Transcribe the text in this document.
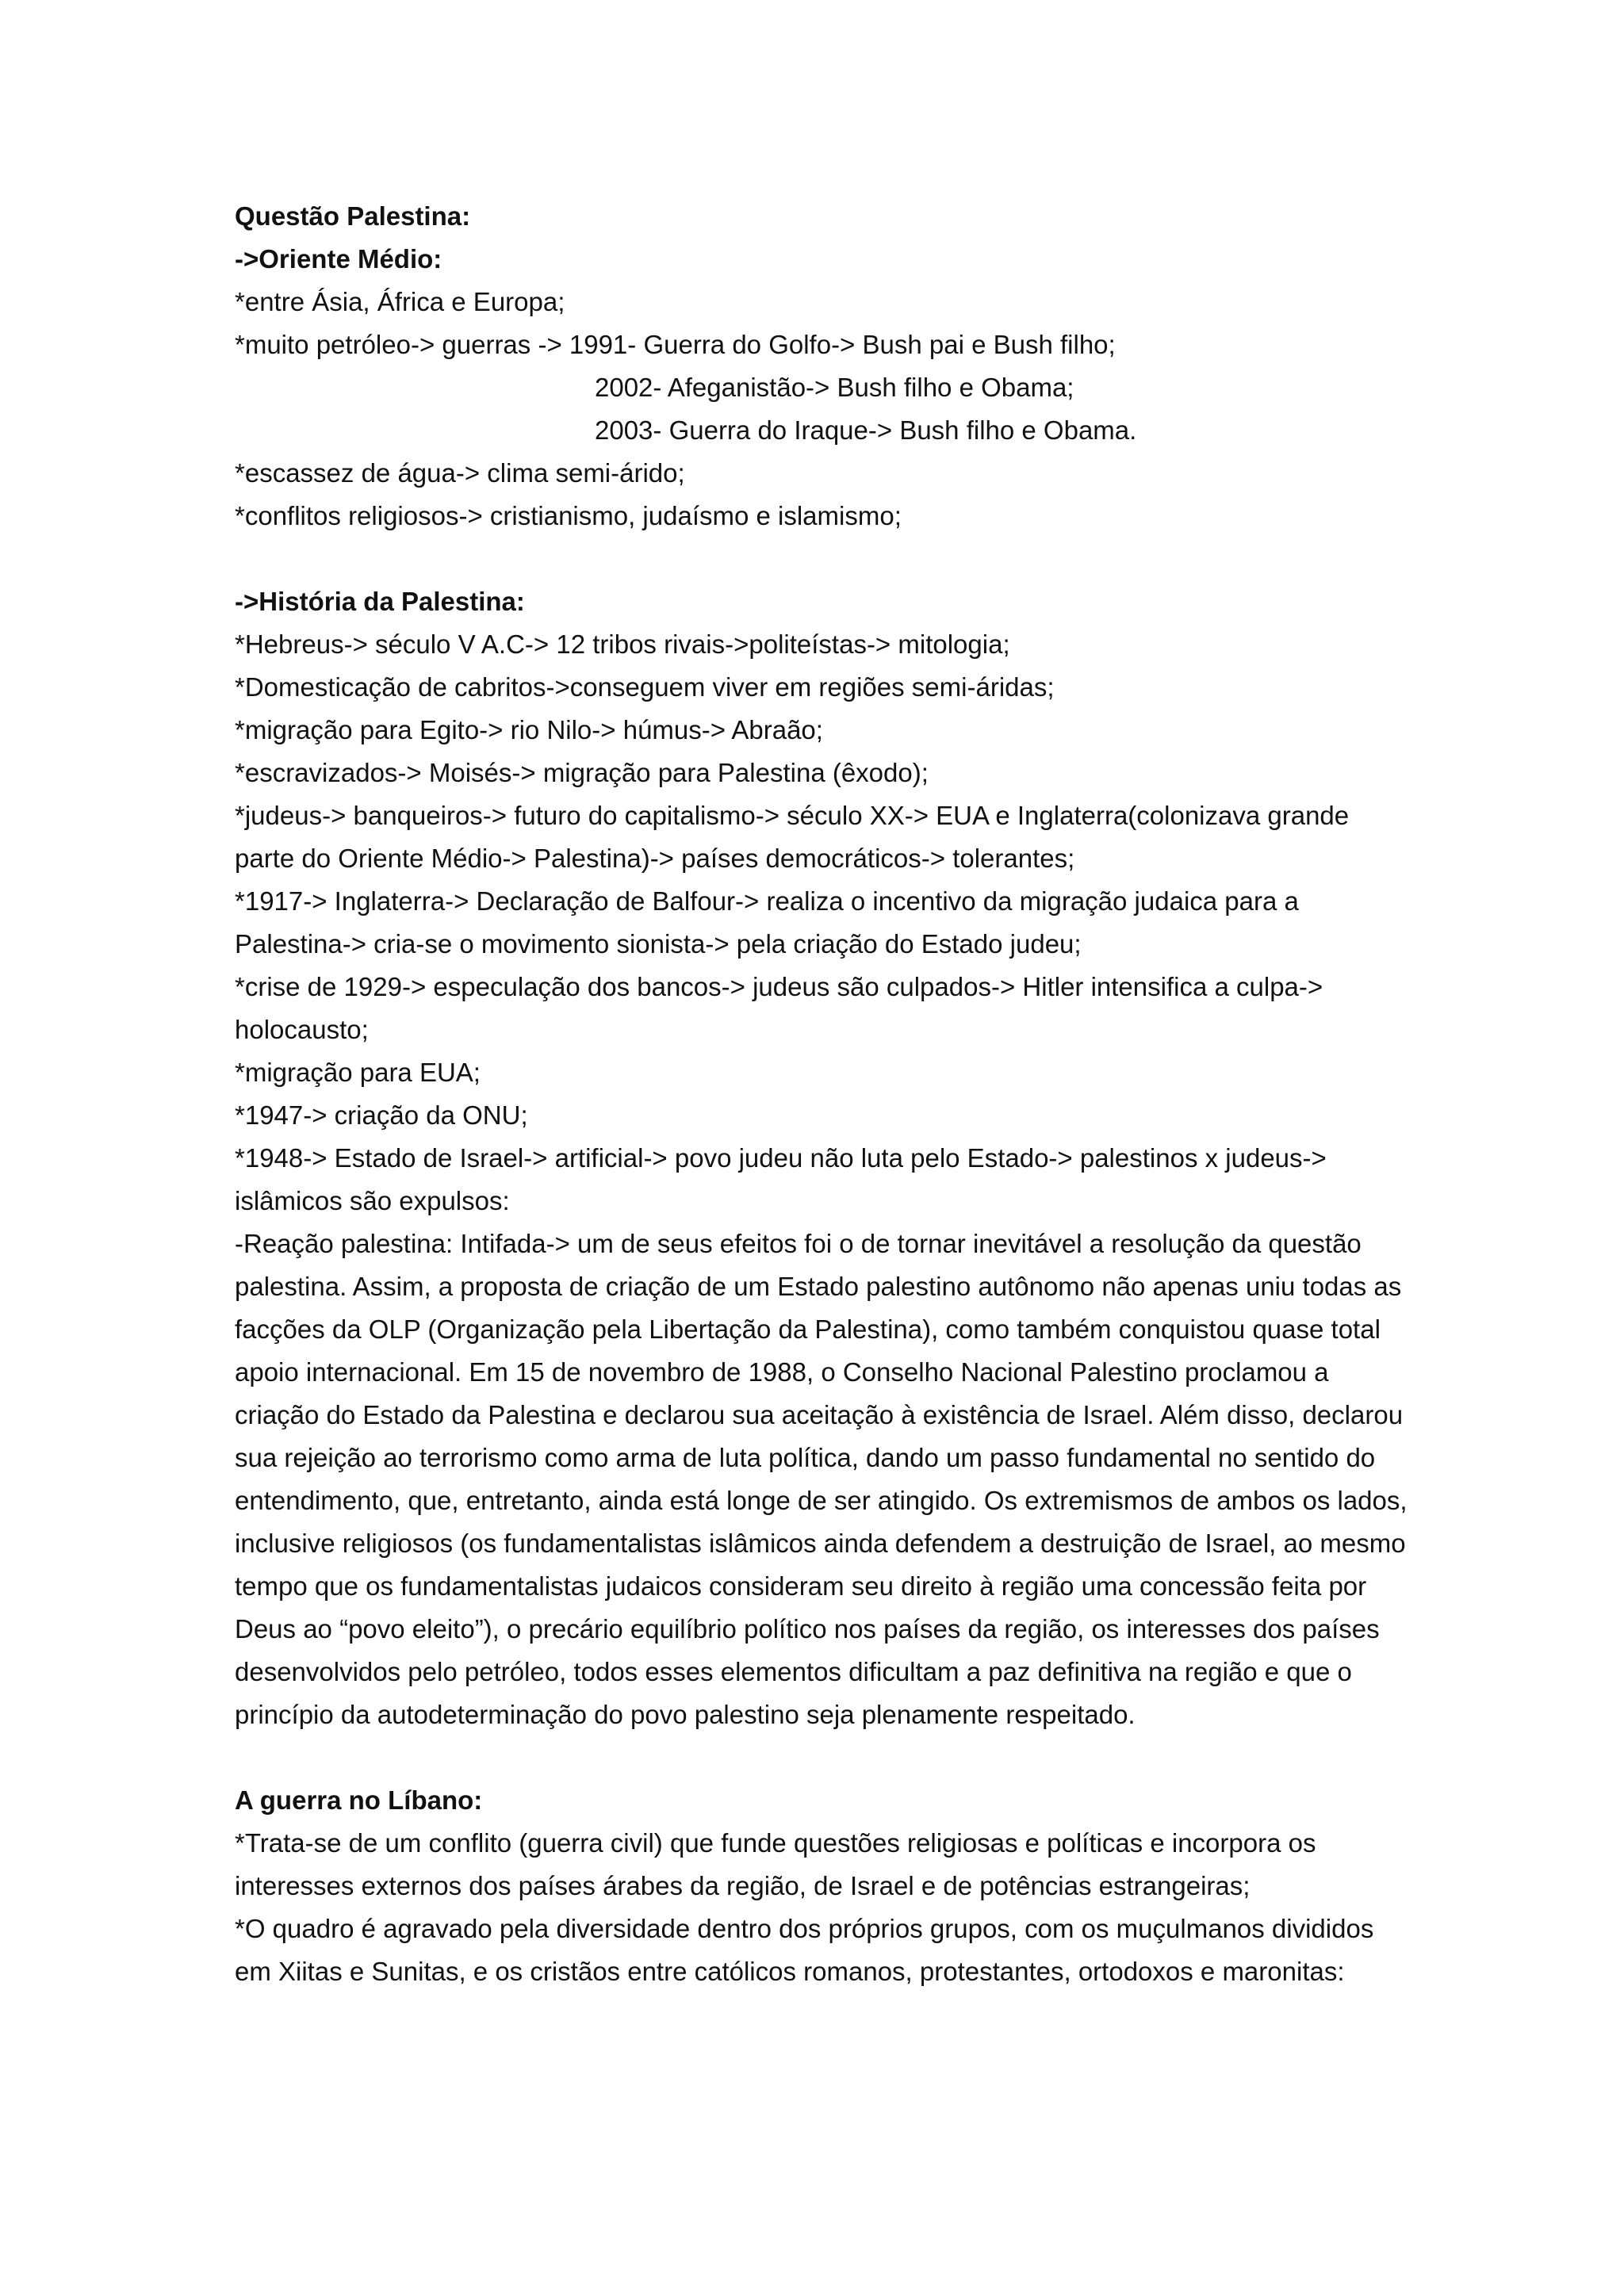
Questão Palestina:
->Oriente Médio:
*entre Ásia, África e Europa;
*muito petróleo-> guerras -> 1991- Guerra do Golfo-> Bush pai e Bush filho;
2002- Afeganistão-> Bush filho e Obama;
2003- Guerra do Iraque-> Bush filho e Obama.
*escassez de água-> clima semi-árido;
*conflitos religiosos-> cristianismo, judaísmo e islamismo;
->História da Palestina:
*Hebreus-> século V A.C-> 12 tribos rivais->politeístas-> mitologia;
*Domesticação de cabritos->conseguem viver em regiões semi-áridas;
*migração para Egito-> rio Nilo-> húmus-> Abraão;
*escravizados-> Moisés-> migração para Palestina (êxodo);
*judeus-> banqueiros-> futuro do capitalismo-> século XX-> EUA e Inglaterra(colonizava grande parte do Oriente Médio-> Palestina)-> países democráticos-> tolerantes;
*1917-> Inglaterra-> Declaração de Balfour-> realiza o incentivo da migração judaica para a Palestina-> cria-se o movimento sionista-> pela criação do Estado judeu;
*crise de 1929-> especulação dos bancos-> judeus são culpados-> Hitler intensifica a culpa-> holocausto;
*migração para EUA;
*1947-> criação da ONU;
*1948-> Estado de Israel-> artificial-> povo judeu não luta pelo Estado-> palestinos x judeus-> islâmicos são expulsos:
-Reação palestina: Intifada-> um de seus efeitos foi o de tornar inevitável a resolução da questão palestina. Assim, a proposta de criação de um Estado palestino autônomo não apenas uniu todas as facções da OLP (Organização pela Libertação da Palestina), como também conquistou quase total apoio internacional. Em 15 de novembro de 1988, o Conselho Nacional Palestino proclamou a criação do Estado da Palestina e declarou sua aceitação à existência de Israel. Além disso, declarou sua rejeição ao terrorismo como arma de luta política, dando um passo fundamental no sentido do entendimento, que, entretanto, ainda está longe de ser atingido. Os extremismos de ambos os lados, inclusive religiosos (os fundamentalistas islâmicos ainda defendem a destruição de Israel, ao mesmo tempo que os fundamentalistas judaicos consideram seu direito à região uma concessão feita por Deus ao “povo eleito”), o precário equilíbrio político nos países da região, os interesses dos países desenvolvidos pelo petróleo, todos esses elementos dificultam a paz definitiva na região e que o princípio da autodeterminação do povo palestino seja plenamente respeitado.
A guerra no Líbano:
*Trata-se de um conflito (guerra civil) que funde questões religiosas e políticas e incorpora os interesses externos dos países árabes da região, de Israel e de potências estrangeiras;
*O quadro é agravado pela diversidade dentro dos próprios grupos, com os muçulmanos divididos em Xiitas e Sunitas, e os cristãos entre católicos romanos, protestantes, ortodoxos e maronitas:
